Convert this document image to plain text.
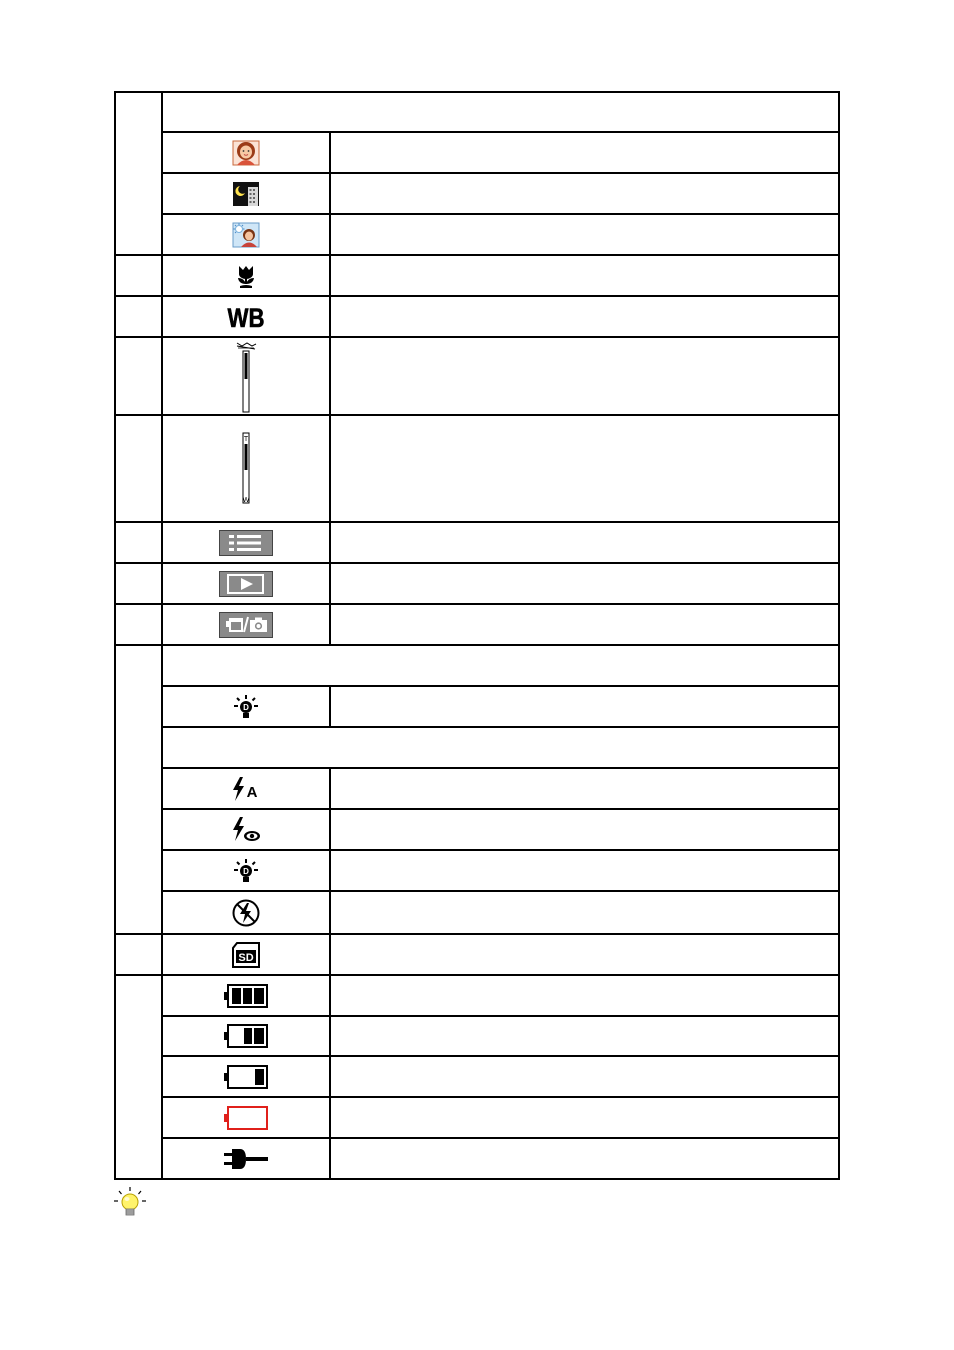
WB
T
W
D
A
D
SD
